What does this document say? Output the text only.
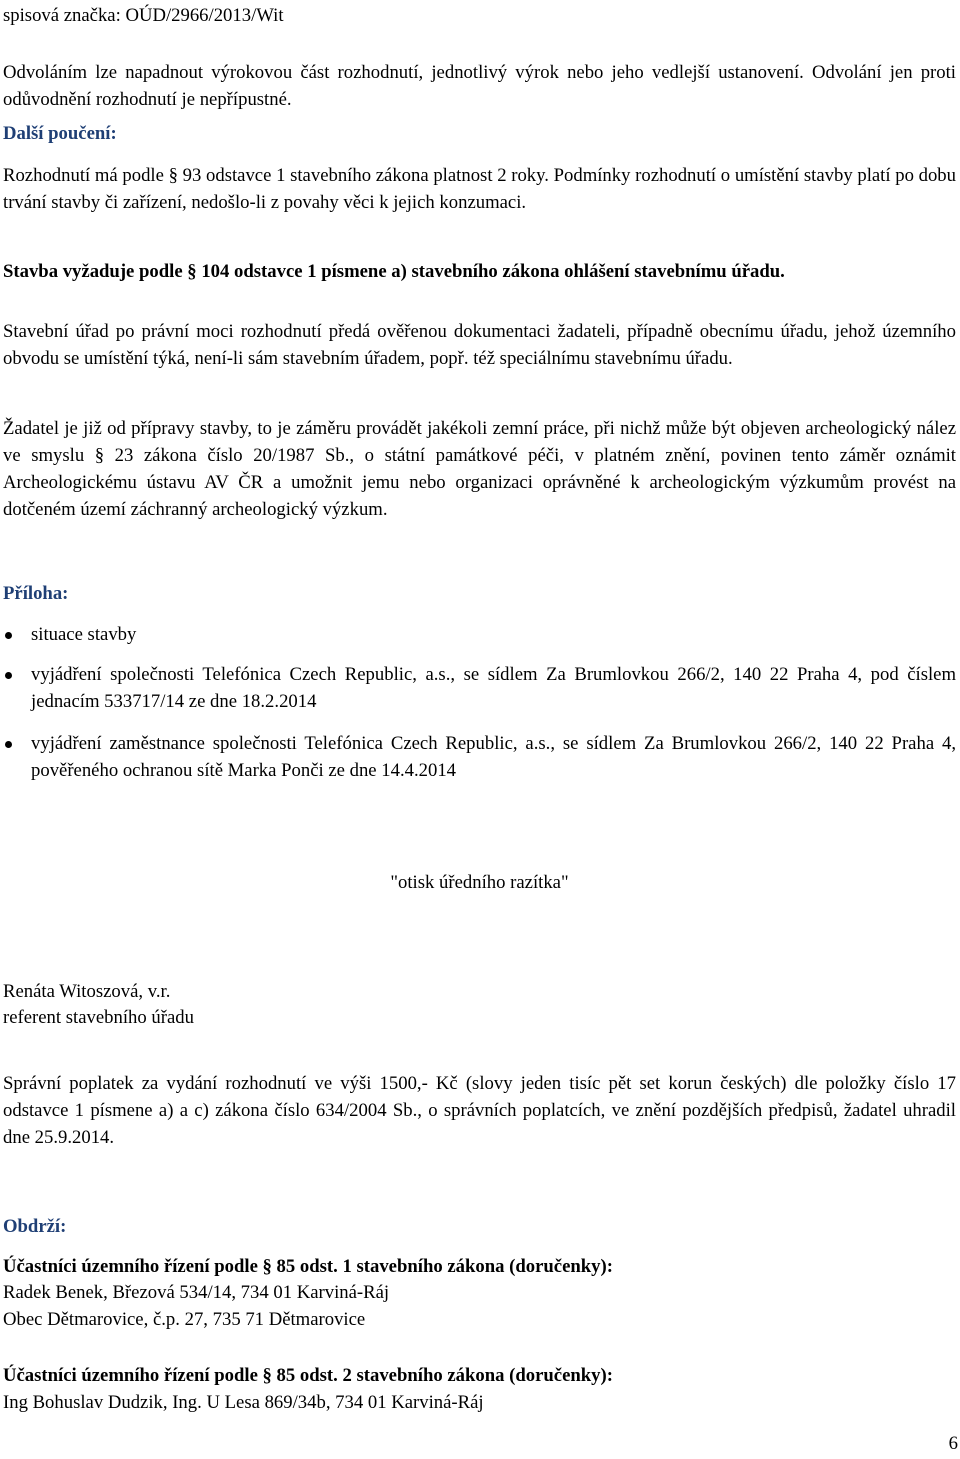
spisová značka: OÚD/2966/2013/Wit
Odvoláním lze napadnout výrokovou část rozhodnutí, jednotlivý výrok nebo jeho vedlejší ustanovení. Odvolání jen proti odůvodnění rozhodnutí je nepřípustné.
Další poučení:
Rozhodnutí má podle § 93 odstavce 1 stavebního zákona platnost 2 roky. Podmínky rozhodnutí o umístění stavby platí po dobu trvání stavby či zařízení, nedošlo-li z povahy věci k jejich konzumaci.
Stavba vyžaduje podle § 104 odstavce 1 písmene a) stavebního zákona ohlášení stavebnímu úřadu.
Stavební úřad po právní moci rozhodnutí předá ověřenou dokumentaci žadateli, případně obecnímu úřadu, jehož územního obvodu se umístění týká, není-li sám stavebním úřadem, popř. též speciálnímu stavebnímu úřadu.
Žadatel je již od přípravy stavby, to je záměru provádět jakékoli zemní práce, při nichž může být objeven archeologický nález ve smyslu § 23 zákona číslo 20/1987 Sb., o státní památkové péči, v platném znění, povinen tento záměr oznámit Archeologickému ústavu AV ČR a umožnit jemu nebo organizaci oprávněné k archeologickým výzkumům provést na dotčeném území záchranný archeologický výzkum.
Příloha:
situace stavby
vyjádření společnosti Telefónica Czech Republic, a.s., se sídlem Za Brumlovkou 266/2, 140 22 Praha 4, pod číslem jednacím 533717/14 ze dne 18.2.2014
vyjádření zaměstnance společnosti Telefónica Czech Republic, a.s., se sídlem Za Brumlovkou 266/2, 140 22 Praha 4, pověřeného ochranou sítě Marka Ponči ze dne 14.4.2014
"otisk úředního razítka"
Renáta Witoszová, v.r.
referent stavebního úřadu
Správní poplatek za vydání rozhodnutí ve výši 1500,- Kč (slovy jeden tisíc pět set korun českých) dle položky číslo 17 odstavce 1 písmene a) a c) zákona číslo 634/2004 Sb., o správních poplatcích, ve znění pozdějších předpisů, žadatel uhradil dne 25.9.2014.
Obdrží:
Účastníci územního řízení podle § 85 odst. 1 stavebního zákona (doručenky):
Radek Benek, Březová 534/14, 734 01 Karviná-Ráj
Obec Dětmarovice, č.p. 27, 735 71 Dětmarovice
Účastníci územního řízení podle § 85 odst. 2 stavebního zákona (doručenky):
Ing Bohuslav Dudzik, Ing. U Lesa 869/34b, 734 01 Karviná-Ráj
6
